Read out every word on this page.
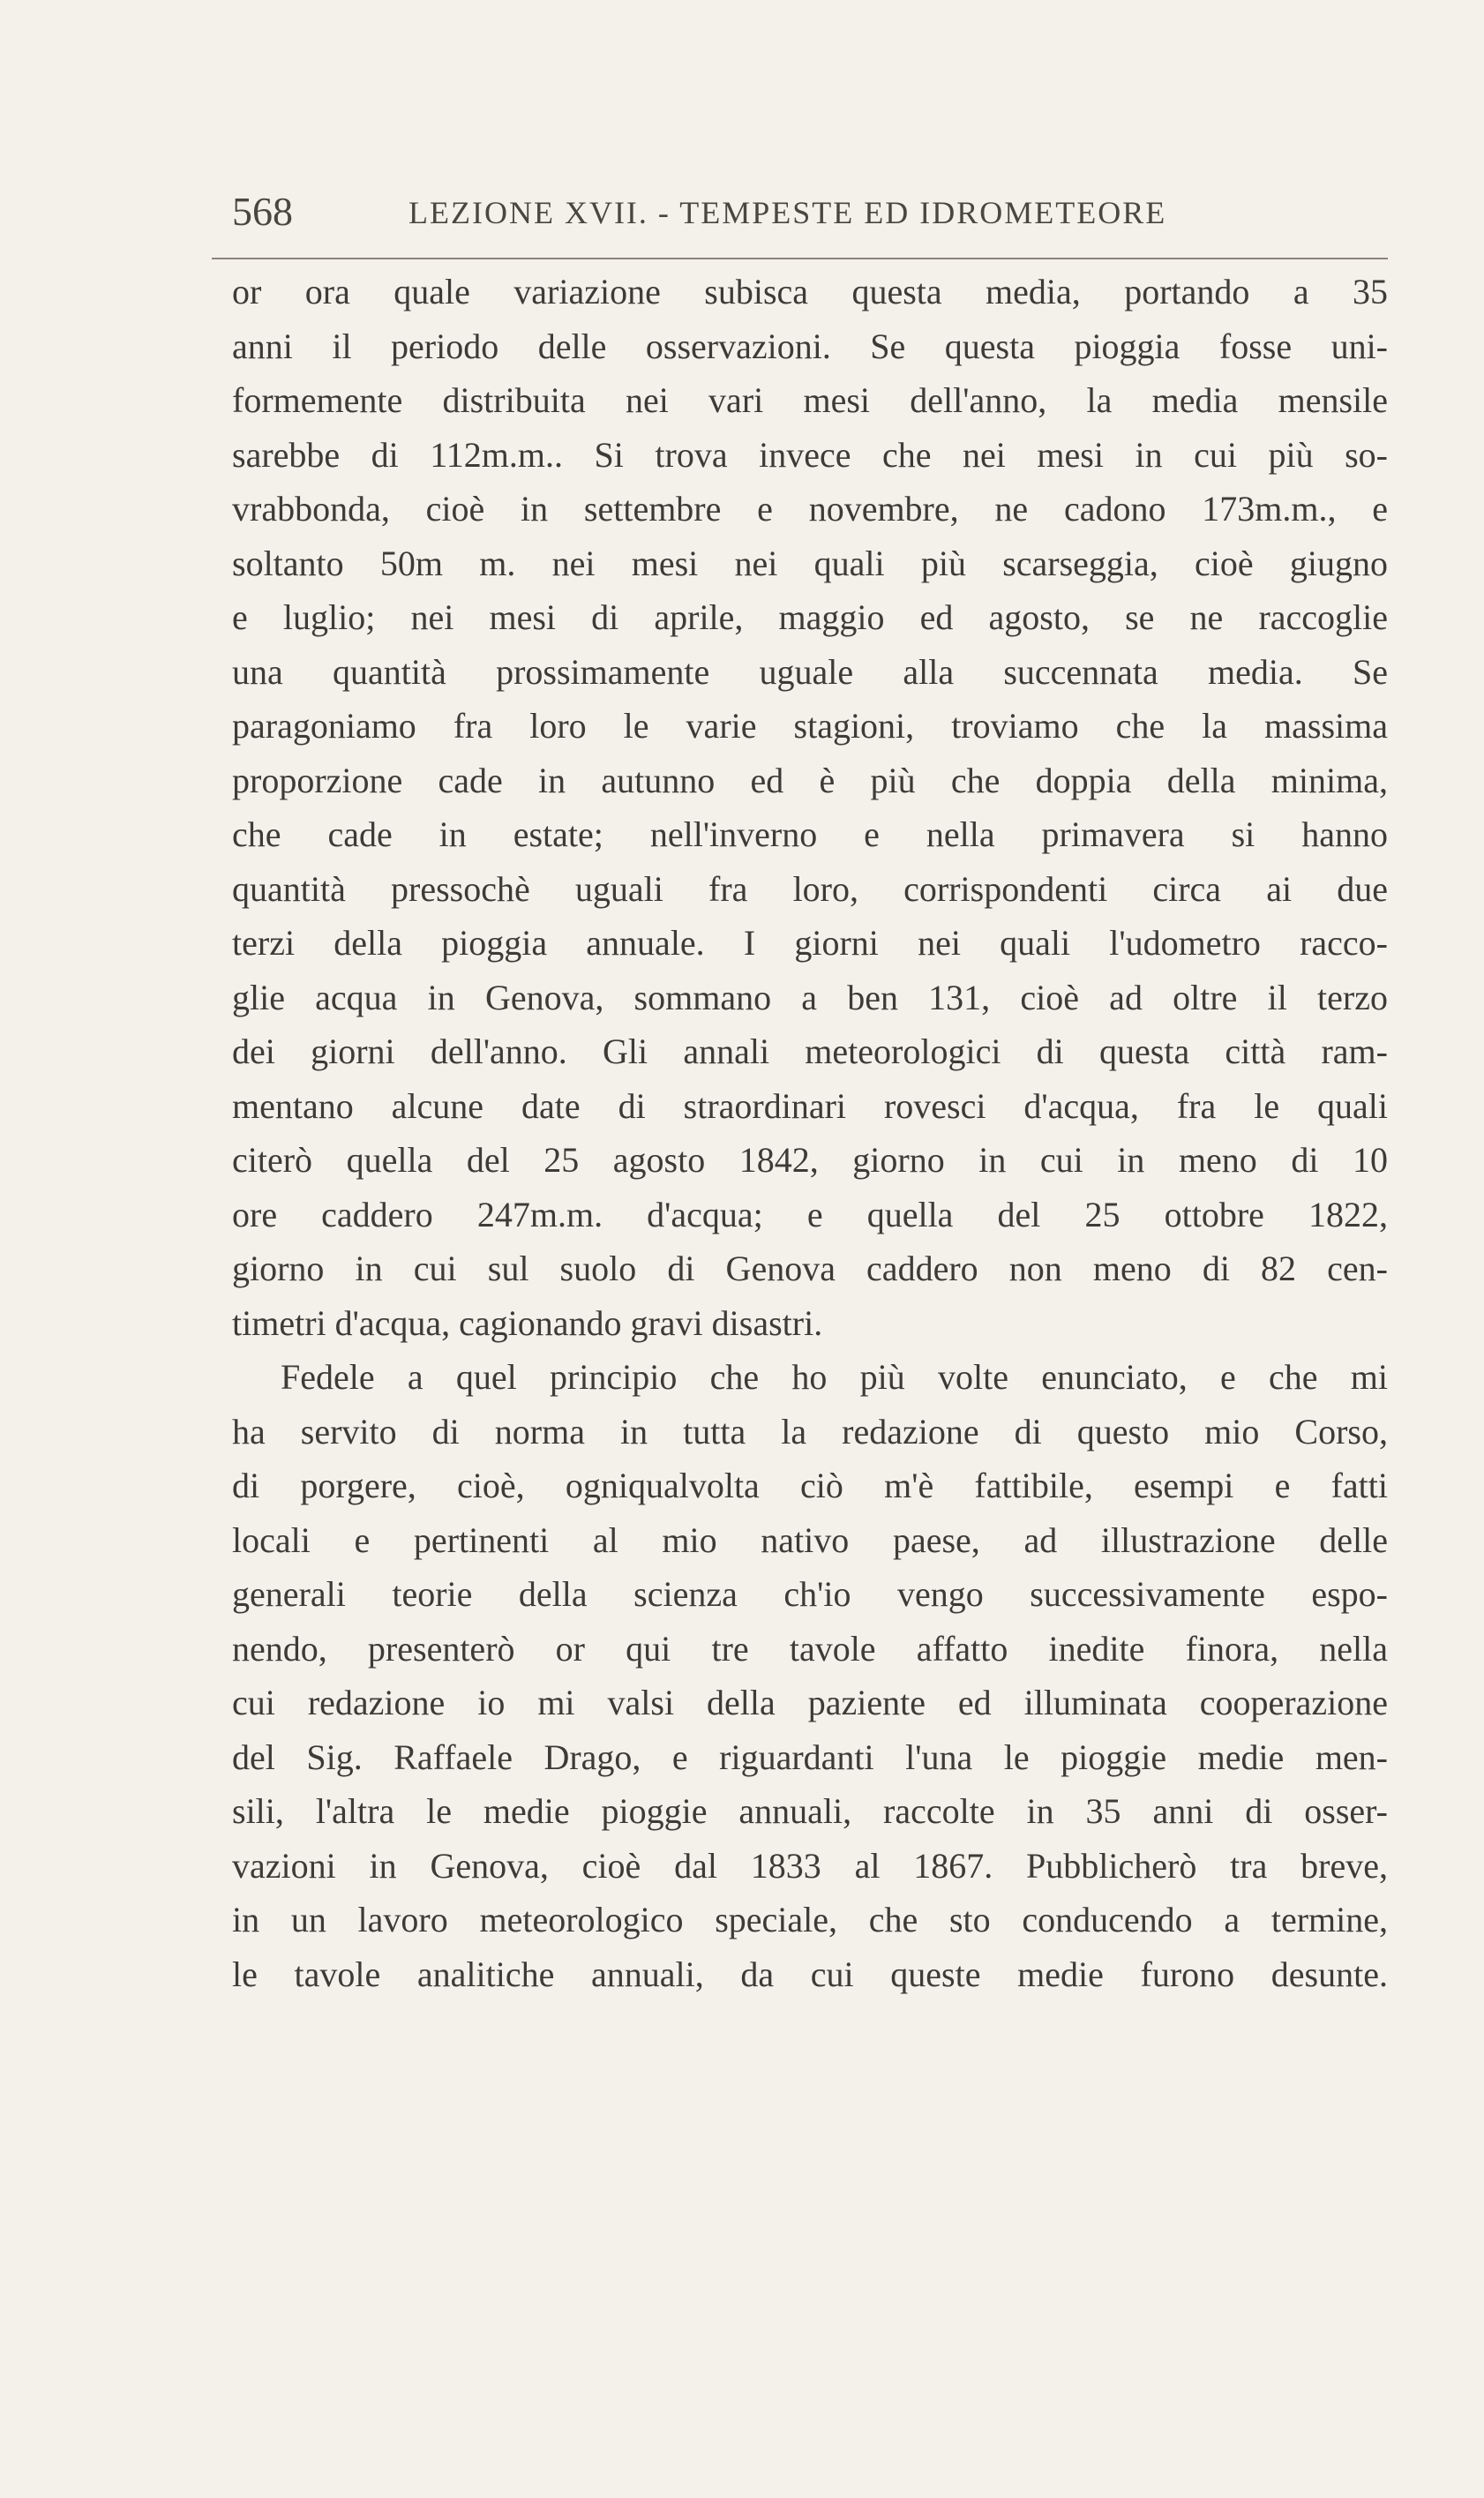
568	LEZIONE XVII. - TEMPESTE ED IDROMETEORE
or ora quale variazione subisca questa media, portando a 35
anni il periodo delle osservazioni. Se questa pioggia fosse uni-
formemente distribuita nei vari mesi dell'anno, la media mensile
sarebbe di 112m.m.. Si trova invece che nei mesi in cui più so-
vrabbonda, cioè in settembre e novembre, ne cadono 173m.m., e
soltanto 50m m. nei mesi nei quali più scarseggia, cioè giugno
e luglio; nei mesi di aprile, maggio ed agosto, se ne raccoglie
una quantità prossimamente uguale alla succennata media. Se
paragoniamo fra loro le varie stagioni, troviamo che la massima
proporzione cade in autunno ed è più che doppia della minima,
che cade in estate; nell'inverno e nella primavera si hanno
quantità pressochè uguali fra loro, corrispondenti circa ai due
terzi della pioggia annuale. I giorni nei quali l'udometro racco-
glie acqua in Genova, sommano a ben 131, cioè ad oltre il terzo
dei giorni dell'anno. Gli annali meteorologici di questa città ram-
mentano alcune date di straordinari rovesci d'acqua, fra le quali
citerò quella del 25 agosto 1842, giorno in cui in meno di 10
ore caddero 247m.m. d'acqua; e quella del 25 ottobre 1822,
giorno in cui sul suolo di Genova caddero non meno di 82 cen-
timetri d'acqua, cagionando gravi disastri.
Fedele a quel principio che ho più volte enunciato, e che mi
ha servito di norma in tutta la redazione di questo mio Corso,
di porgere, cioè, ogniqualvolta ciò m'è fattibile, esempi e fatti
locali e pertinenti al mio nativo paese, ad illustrazione delle
generali teorie della scienza ch'io vengo successivamente espo-
nendo, presenterò or qui tre tavole affatto inedite finora, nella
cui redazione io mi valsi della paziente ed illuminata cooperazione
del Sig. Raffaele Drago, e riguardanti l'una le pioggie medie men-
sili, l'altra le medie pioggie annuali, raccolte in 35 anni di osser-
vazioni in Genova, cioè dal 1833 al 1867. Pubblicherò tra breve,
in un lavoro meteorologico speciale, che sto conducendo a termine,
le tavole analitiche annuali, da cui queste medie furono desunte.
